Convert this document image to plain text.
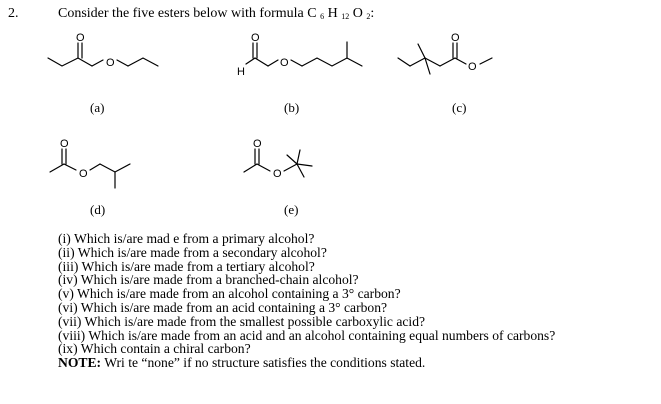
2.	Consider the five esters below with formula C $_6$ H $_{12}$ O $_2$:
O
O
H
O
O
O
O
O
O
O
O
(a)	(b)	(c)
(d)	(e)
(i) Which is/are mad e from a primary alcohol?
(ii) Which is/are made from a secondary alcohol?
(iii) Which is/are made from a tertiary alcohol?
(iv) Which is/are made from a branched-chain alcohol?
(v) Which is/are made from an alcohol containing a 3° carbon?
(vi) Which is/are made from an acid containing a 3° carbon?
(vii) Which is/are made from the smallest possible carboxylic acid?
(viii) Which is/are made from an acid and an alcohol containing equal numbers of carbons?
(ix) Which contain a chiral carbon?
NOTE: Wri te “none” if no structure satisfies the conditions stated.
